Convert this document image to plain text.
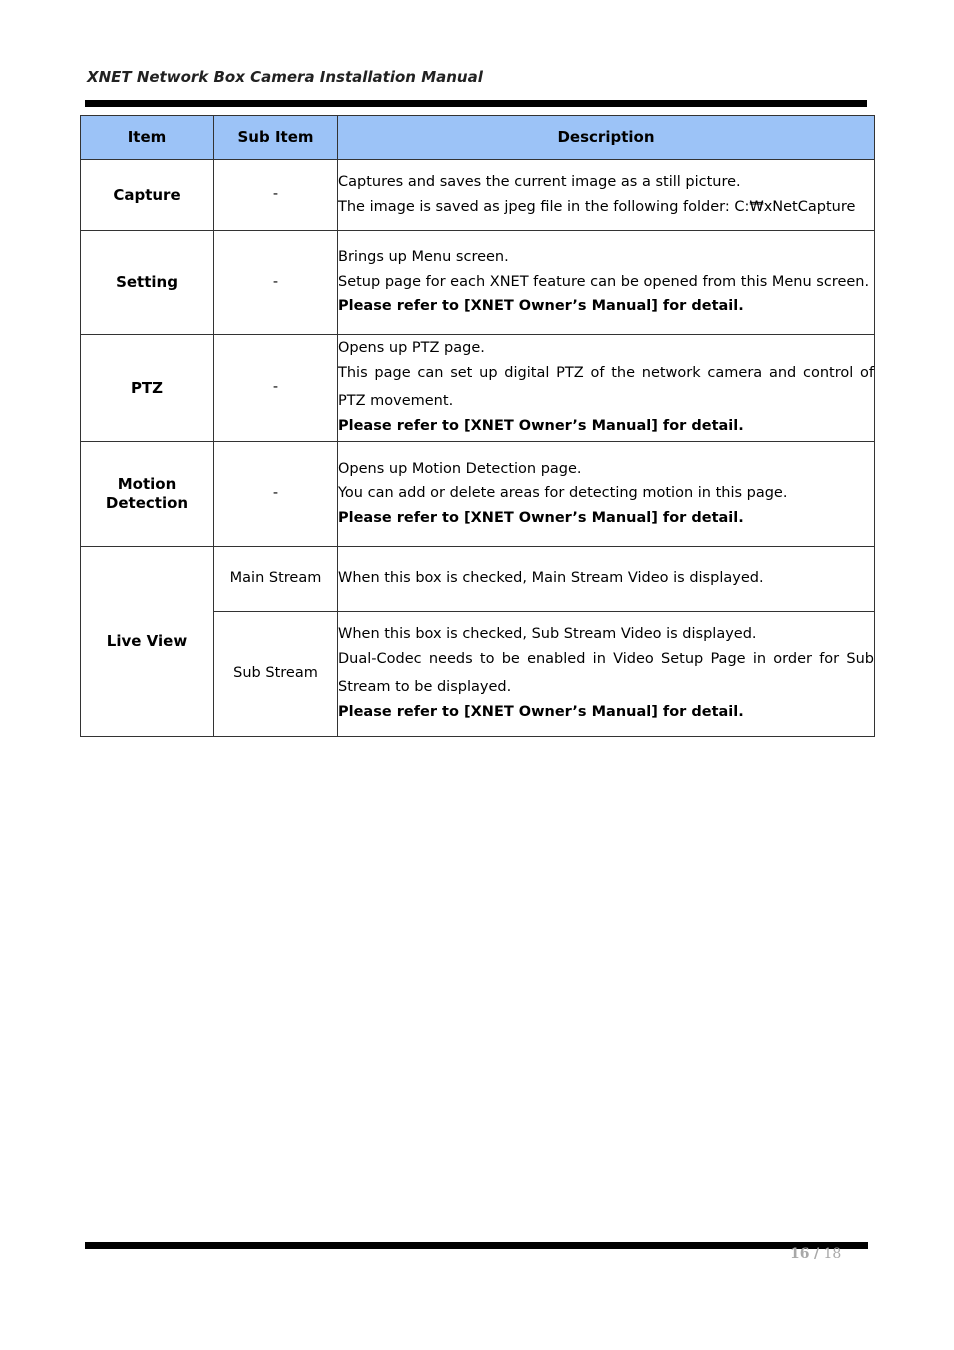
XNET Network Box Camera Installation Manual
Item	Sub Item	Description
Capture	-	Captures and saves the current image as a still picture.
The image is saved as jpeg file in the following folder: C:₩xNetCapture

Setting	-	Brings up Menu screen.
Setup page for each XNET feature can be opened from this Menu screen.
Please refer to [XNET Owner’s Manual] for detail.

PTZ	-	Opens up PTZ page.
This page can set up digital PTZ of the network camera and control of PTZ movement.
Please refer to [XNET Owner’s Manual] for detail.

Motion Detection	-	Opens up Motion Detection page.
You can add or delete areas for detecting motion in this page.
Please refer to [XNET Owner’s Manual] for detail.

Live View	Main Stream	When this box is checked, Main Stream Video is displayed.

	Sub Stream	When this box is checked, Sub Stream Video is displayed.
Dual-Codec needs to be enabled in Video Setup Page in order for Sub Stream to be displayed.
Please refer to [XNET Owner’s Manual] for detail.
16 / 18
